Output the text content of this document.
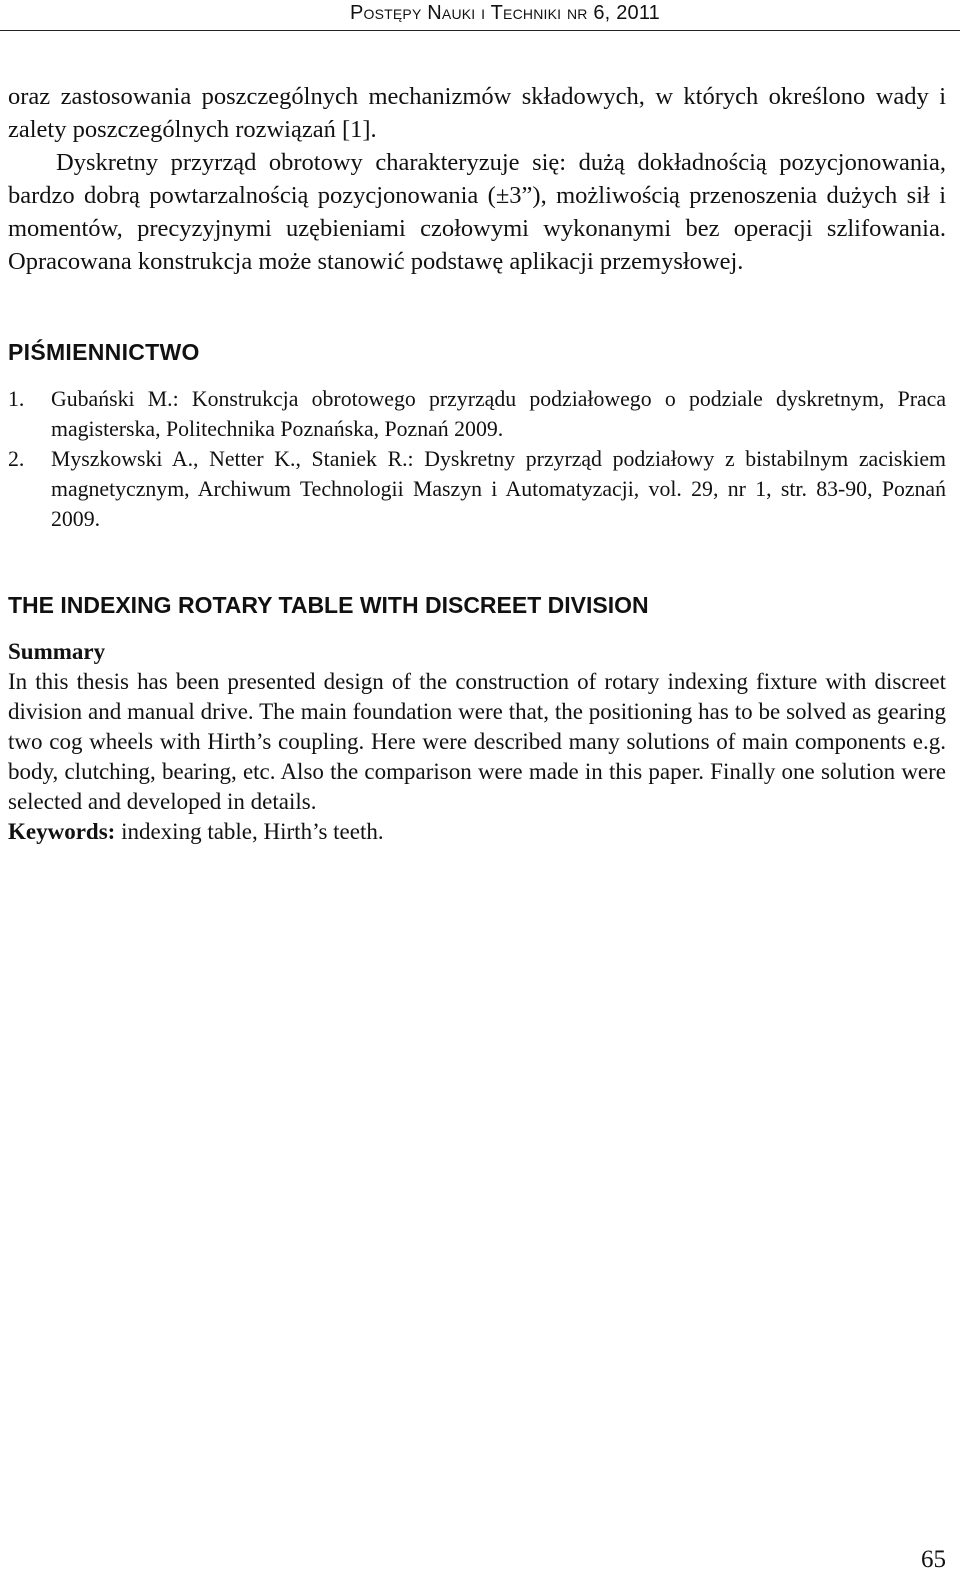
Postępy Nauki i Techniki nr 6, 2011

oraz zastosowania poszczególnych mechanizmów składowych, w których określono wady i zalety poszczególnych rozwiązań [1].

Dyskretny przyrząd obrotowy charakteryzuje się: dużą dokładnością pozycjonowania, bardzo dobrą powtarzalnością pozycjonowania (±3”), możliwością przenoszenia dużych sił i momentów, precyzyjnymi uzębieniami czołowymi wykonanymi bez operacji szlifowania. Opracowana konstrukcja może stanowić podstawę aplikacji przemysłowej.

PIŚMIENNICTWO
1. Gubański M.: Konstrukcja obrotowego przyrządu podziałowego o podziale dyskretnym, Praca magisterska, Politechnika Poznańska, Poznań 2009.
2. Myszkowski A., Netter K., Staniek R.: Dyskretny przyrząd podziałowy z bistabilnym zaciskiem magnetycznym, Archiwum Technologii Maszyn i Automatyzacji, vol. 29, nr 1, str. 83-90, Poznań 2009.
THE INDEXING ROTARY TABLE WITH DISCREET DIVISION

Summary

In this thesis has been presented design of the construction of rotary indexing fixture with discreet division and manual drive. The main foundation were that, the positioning has to be solved as gearing two cog wheels with Hirth’s coupling. Here were described many solutions of main components e.g. body, clutching, bearing, etc. Also the comparison were made in this paper. Finally one solution were selected and developed in details.

Keywords: indexing table, Hirth’s teeth.

65
